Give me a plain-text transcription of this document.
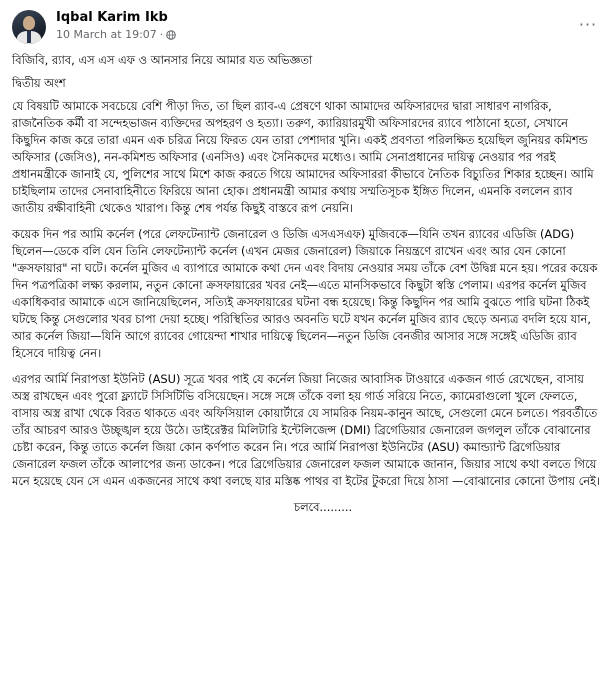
Iqbal Karim Ikb
10 March at 19:07 ·
···

বিজিবি, র‍্যাব, এস এস এফ ও আনসার নিয়ে আমার যত অভিজ্ঞতা

দ্বিতীয় অংশ

যে বিষয়টি আমাকে সবচেয়ে বেশি পীড়া দিত, তা ছিল র‍্যাব-এ প্রেষণে থাকা আমাদের অফিসারদের দ্বারা সাধারণ নাগরিক, রাজনৈতিক কর্মী বা সন্দেহভাজন ব্যক্তিদের অপহরণ ও হত্যা। তরুণ, ক্যারিয়ারমুখী অফিসারদের র‍্যাবে পাঠানো হতো, সেখানে কিছুদিন কাজ করে তারা এমন এক চরিত্র নিয়ে ফিরত যেন তারা পেশাদার খুনি। একই প্রবণতা পরিলক্ষিত হয়েছিল জুনিয়র কমিশন্ড অফিসার (জেসিও), নন-কমিশন্ড অফিসার (এনসিও) এবং সৈনিকদের মধ্যেও। আমি সেনাপ্রধানের দায়িত্ব নেওয়ার পর পরই প্রধানমন্ত্রীকে জানাই যে, পুলিশের সাথে মিশে কাজ করতে গিয়ে আমাদের অফিসাররা কীভাবে নৈতিক বিচ্যুতির শিকার হচ্ছেন। আমি চাইছিলাম তাদের সেনাবাহিনীতে ফিরিয়ে আনা হোক। প্রধানমন্ত্রী আমার কথায় সম্মতিসূচক ইঙ্গিত দিলেন, এমনকি বললেন র‍্যাব জাতীয় রক্ষীবাহিনী থেকেও খারাপ। কিন্তু শেষ পর্যন্ত কিছুই বাস্তবে রূপ নেয়নি।

কয়েক দিন পর আমি কর্নেল (পরে লেফটেন্যান্ট জেনারেল ও ডিজি এসএসএফ) মুজিবকে—যিনি তখন র‍্যাবের এডিজি (ADG) ছিলেন—ডেকে বলি যেন তিনি লেফটেন্যান্ট কর্নেল (এখন মেজর জেনারেল) জিয়াকে নিয়ন্ত্রণে রাখেন এবং আর যেন কোনো "ক্রসফায়ার" না ঘটে। কর্নেল মুজিব এ ব্যাপারে আমাকে কথা দেন এবং বিদায় নেওয়ার সময় তাঁকে বেশ উদ্বিগ্ন মনে হয়। পরের কয়েক দিন পত্রপত্রিকা লক্ষ্য করলাম, নতুন কোনো ক্রসফায়ারের খবর নেই—এতে মানসিকভাবে কিছুটা স্বস্তি পেলাম। এরপর কর্নেল মুজিব একাধিকবার আমাকে এসে জানিয়েছিলেন, সত্যিই ক্রসফায়ারের ঘটনা বন্ধ হয়েছে। কিন্তু কিছুদিন পর আমি বুঝতে পারি ঘটনা ঠিকই ঘটছে কিন্তু সেগুলোর খবর চাপা দেয়া হচ্ছে। পরিস্থিতির আরও অবনতি ঘটে যখন কর্নেল মুজিব র‍্যাব ছেড়ে অন্যত্র বদলি হয়ে যান, আর কর্নেল জিয়া—যিনি আগে র‍্যাবের গোয়েন্দা শাখার দায়িত্বে ছিলেন—নতুন ডিজি বেনজীর আসার সঙ্গে সঙ্গেই এডিজি র‍্যাব হিসেবে দায়িত্ব নেন।

এরপর আর্মি নিরাপত্তা ইউনিট (ASU) সূত্রে খবর পাই যে কর্নেল জিয়া নিজের আবাসিক টাওয়ারে একজন গার্ড রেখেছেন, বাসায় অস্ত্র রাখছেন এবং পুরো ফ্ল্যাটে সিসিটিভি বসিয়েছেন। সঙ্গে সঙ্গে তাঁকে বলা হয় গার্ড সরিয়ে নিতে, ক্যামেরাগুলো খুলে ফেলতে, বাসায় অস্ত্র রাখা থেকে বিরত থাকতে এবং অফিসিয়াল কোয়ার্টারে যে সামরিক নিয়ম-কানুন আছে, সেগুলো মেনে চলতে। পরবর্তীতে তাঁর আচরণ আরও উচ্ছৃঙ্খল হয়ে উঠে। ডাইরেক্টর মিলিটারি ইন্টেলিজেন্স (DMI) ব্রিগেডিয়ার জেনারেল জগলুল তাঁকে বোঝানোর চেষ্টা করেন, কিন্তু তাতে কর্নেল জিয়া কোন কর্ণপাত করেন নি। পরে আর্মি নিরাপত্তা ইউনিটের (ASU) কমান্ড্যান্ট ব্রিগেডিয়ার জেনারেল ফজল তাঁকে আলাপের জন্য ডাকেন। পরে ব্রিগেডিয়ার জেনারেল ফজল আমাকে জানান, জিয়ার সাথে কথা বলতে গিয়ে মনে হয়েছে যেন সে এমন একজনের সাথে কথা বলছে যার মস্তিষ্ক পাথর বা ইটের টুকরো দিয়ে ঠাসা —বোঝানোর কোনো উপায় নেই।

চলবে.........
